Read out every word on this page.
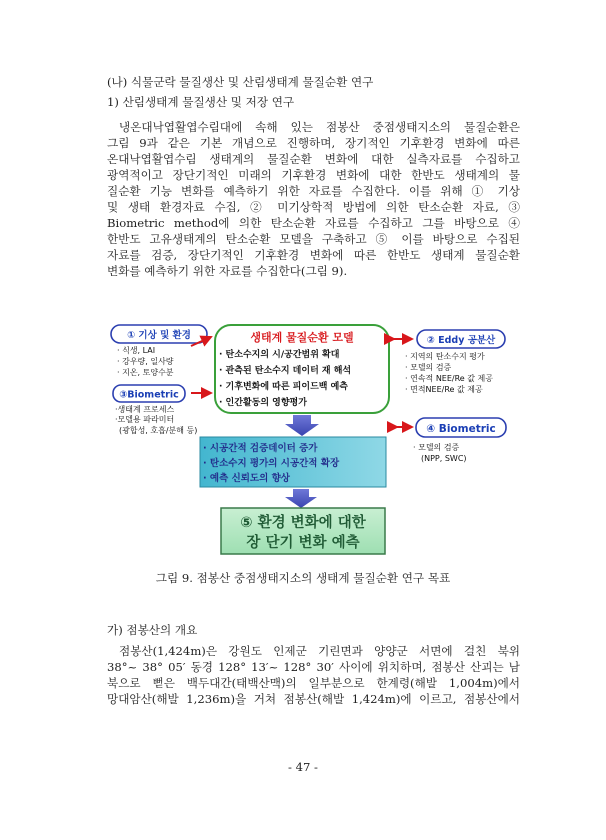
(나) 식물군락 물질생산 및 산림생태계 물질순환 연구
1) 산림생태계 물질생산 및 저장 연구
냉온대낙엽활엽수림대에 속해 있는 점봉산 중점생태지소의 물질순환은
그림 9과 같은 기본 개념으로 진행하며, 장기적인 기후환경 변화에 따른
온대낙엽활엽수림 생태계의 물질순환 변화에 대한 실측자료를 수집하고
광역적이고 장단기적인 미래의 기후환경 변화에 대한 한반도 생태계의 물
질순환 기능 변화를 예측하기 위한 자료를 수집한다. 이를 위해 ① 기상
및 생태 환경자료 수집, ② 미기상학적 방법에 의한 탄소순환 자료, ③
Biometric method에 의한 탄소순환 자료를 수집하고 그를 바탕으로 ④
한반도 고유생태계의 탄소순환 모델을 구축하고 ⑤ 이를 바탕으로 수집된
자료를 검증, 장단기적인 기후환경 변화에 따른 한반도 생태계 물질순환
변화를 예측하기 위한 자료를 수집한다(그림 9).
① 기상 및 환경
· 식생, LAI
· 강우량, 일사량
· 지온, 토양수분
③Biometric
·생태계 프로세스
·모델용 파라미터
(광합성, 호흡/분해 등)
생태계 물질순환 모델
· 탄소수지의 시/공간범위 확대
· 관측된 탄소수지 데이터 재 해석
· 기후변화에 따른 피이드백 예측
· 인간활동의 영향평가
② Eddy 공분산
· 지역의 탄소수지 평가
· 모델의 검증
· 연속적 NEE/Re 값 제공
· 면적NEE/Re 값 제공
④ Biometric
· 모델의 검증
(NPP, SWC)
· 시공간적 검증데이터 증가
· 탄소수지 평가의 시공간적 확장
· 예측 신뢰도의 향상
⑤ 환경 변화에 대한
장 단기 변화 예측
그림 9. 점봉산 중점생태지소의 생태계 물질순환 연구 목표
가) 점봉산의 개요
점봉산(1,424m)은 강원도 인제군 기린면과 양양군 서면에 걸친 북위
38°~ 38° 05′ 동경 128° 13′~ 128° 30′ 사이에 위치하며, 점봉산 산괴는 남
북으로 뻗은 백두대간(태백산맥)의 일부분으로 한계령(해발 1,004m)에서
망대암산(해발 1,236m)을 거쳐 점봉산(해발 1,424m)에 이르고, 점봉산에서
- 47 -
